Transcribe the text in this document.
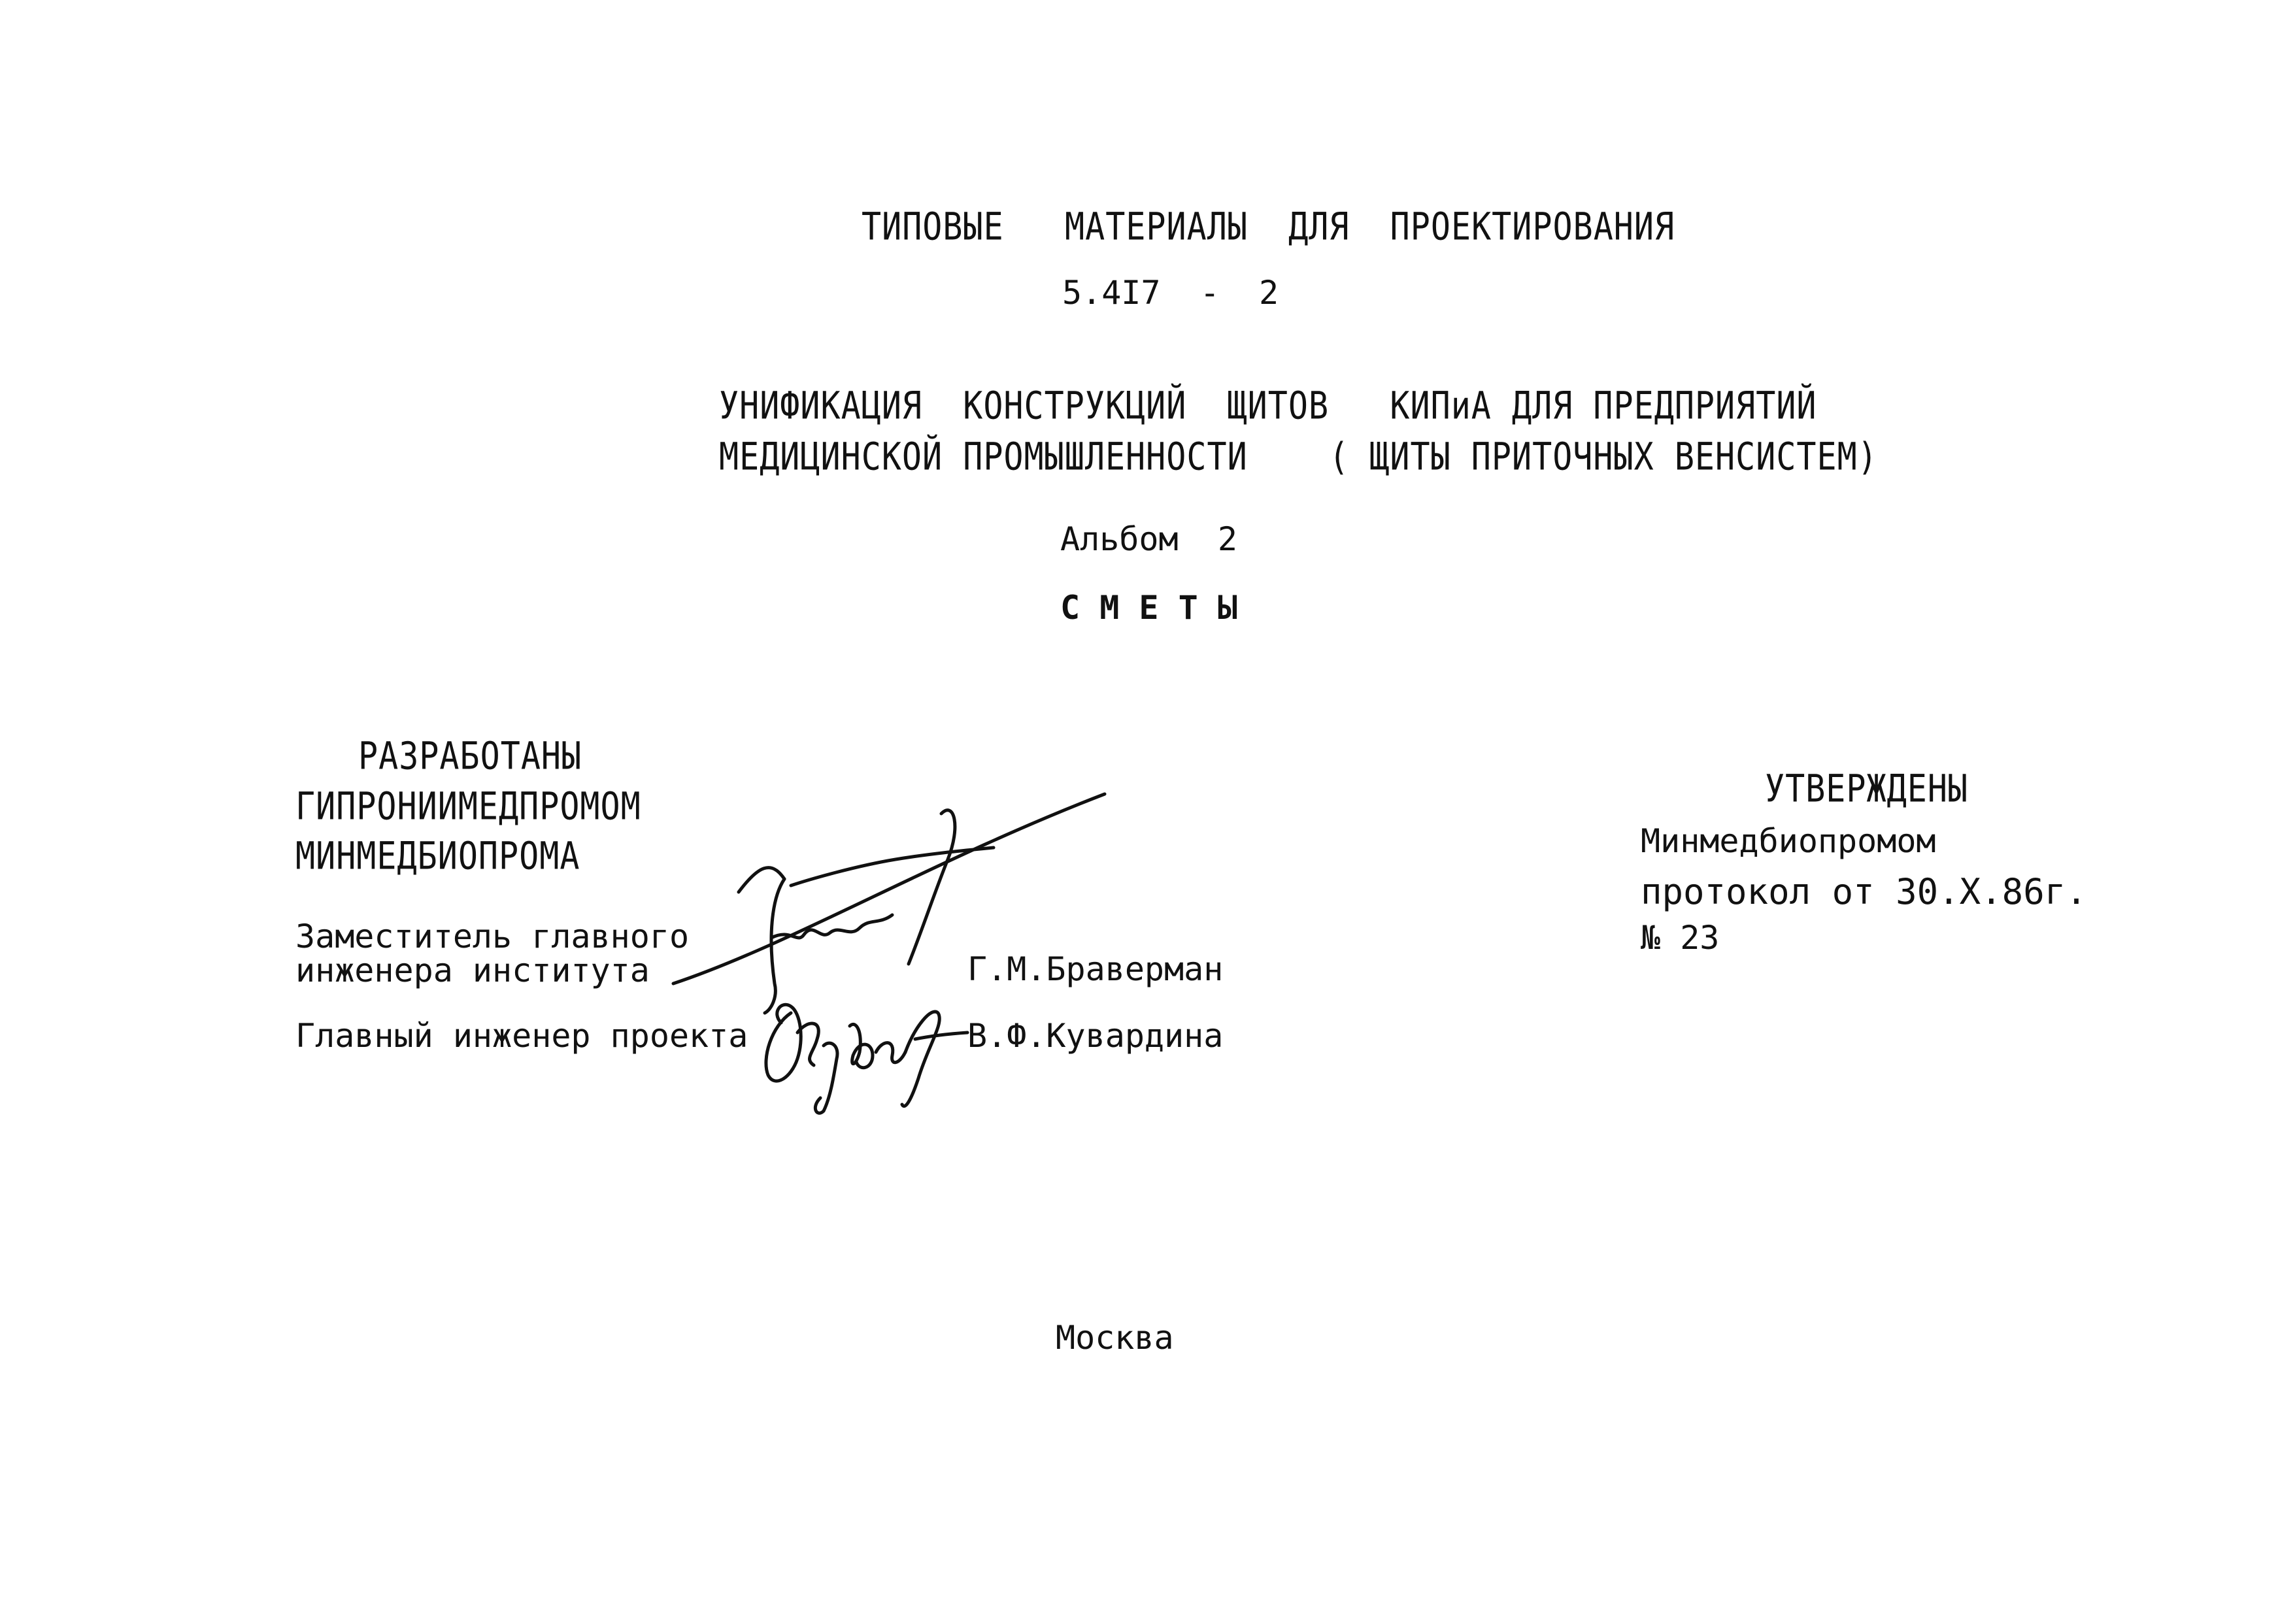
ТИПОВЫЕ   МАТЕРИАЛЫ  ДЛЯ  ПРОЕКТИРОВАНИЯ
5.4I7  -  2
УНИФИКАЦИЯ  КОНСТРУКЦИЙ  ЩИТОВ   КИПиА ДЛЯ ПРЕДПРИЯТИЙ
МЕДИЦИНСКОЙ ПРОМЫШЛЕННОСТИ    ( ЩИТЫ ПРИТОЧНЫХ ВЕНСИСТЕМ)
Альбом  2
С М Е Т Ы
РАЗРАБОТАНЫ
ГИПРОНИИМЕДПРОМОМ
МИНМЕДБИОПРОМА
Заместитель главного
инженера института	Г.М.Браверман
Главный инженер проекта	В.Ф.Кувардина
УТВЕРЖДЕНЫ
Минмедбиопромом
протокол от 30.Х.86г.
№ 23
Москва
